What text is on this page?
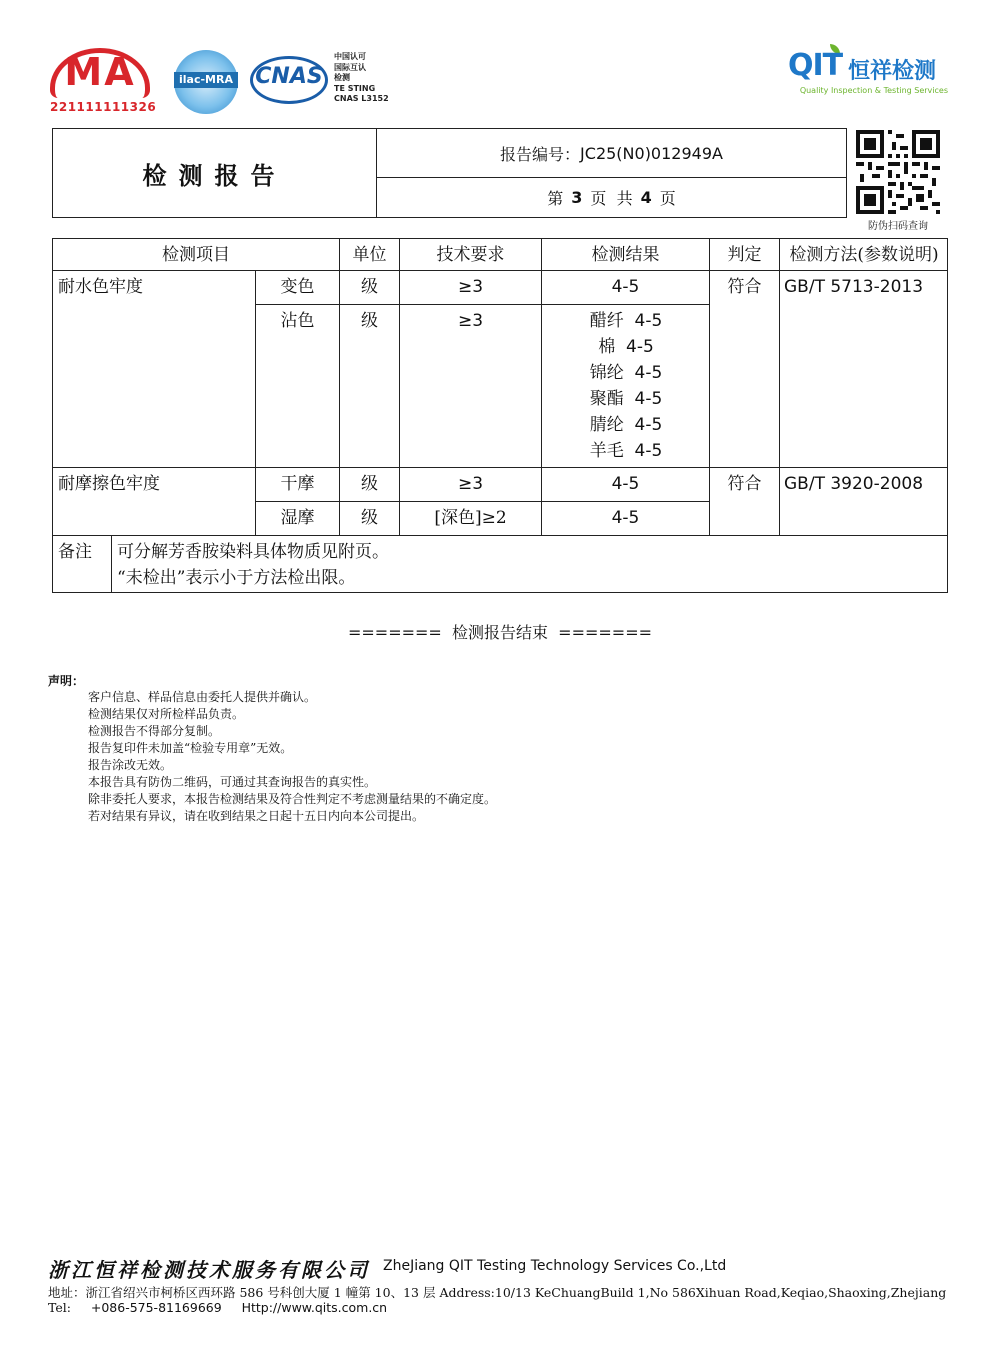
MA
221111111326
ilac-MRA CNAS
中国认可
国际互认
检测
TE STING
CNAS L3152
QIT 恒祥检测
Quality Inspection & Testing Services
检测报告
报告编号： JC25(N0)012949A
第 3 页  共 4 页
防伪扫码查询
检测项目	单位	技术要求	检测结果	判定	检测方法(参数说明)
耐水色牢度	变色	级	≥3	4-5	符合	GB/T 5713-2013
沾色	级	≥3	醋纤 4-5
棉 4-5
锦纶 4-5
聚酯 4-5
腈纶 4-5
羊毛 4-5
耐摩擦色牢度	干摩	级	≥3	4-5	符合	GB/T 3920-2008
湿摩	级	[深色]≥2	4-5
备注 可分解芳香胺染料具体物质见附页。
“未检出”表示小于方法检出限。
=======  检测报告结束  =======
声明：
客户信息、样品信息由委托人提供并确认。
检测结果仅对所检样品负责。
检测报告不得部分复制。
报告复印件未加盖“检验专用章”无效。
报告涂改无效。
本报告具有防伪二维码，可通过其查询报告的真实性。
除非委托人要求，本报告检测结果及符合性判定不考虑测量结果的不确定度。
若对结果有异议，请在收到结果之日起十五日内向本公司提出。
浙江恒祥检测技术服务有限公司 ZheJiang QIT Testing Technology Services Co.,Ltd
地址：浙江省绍兴市柯桥区西环路 586 号科创大厦 1 幢第 10、13 层 Address:10/13 KeChuangBuild 1,No 586Xihuan Road,Keqiao,Shaoxing,Zhejiang
Tel: +086-575-81169669 Http://www.qits.com.cn
